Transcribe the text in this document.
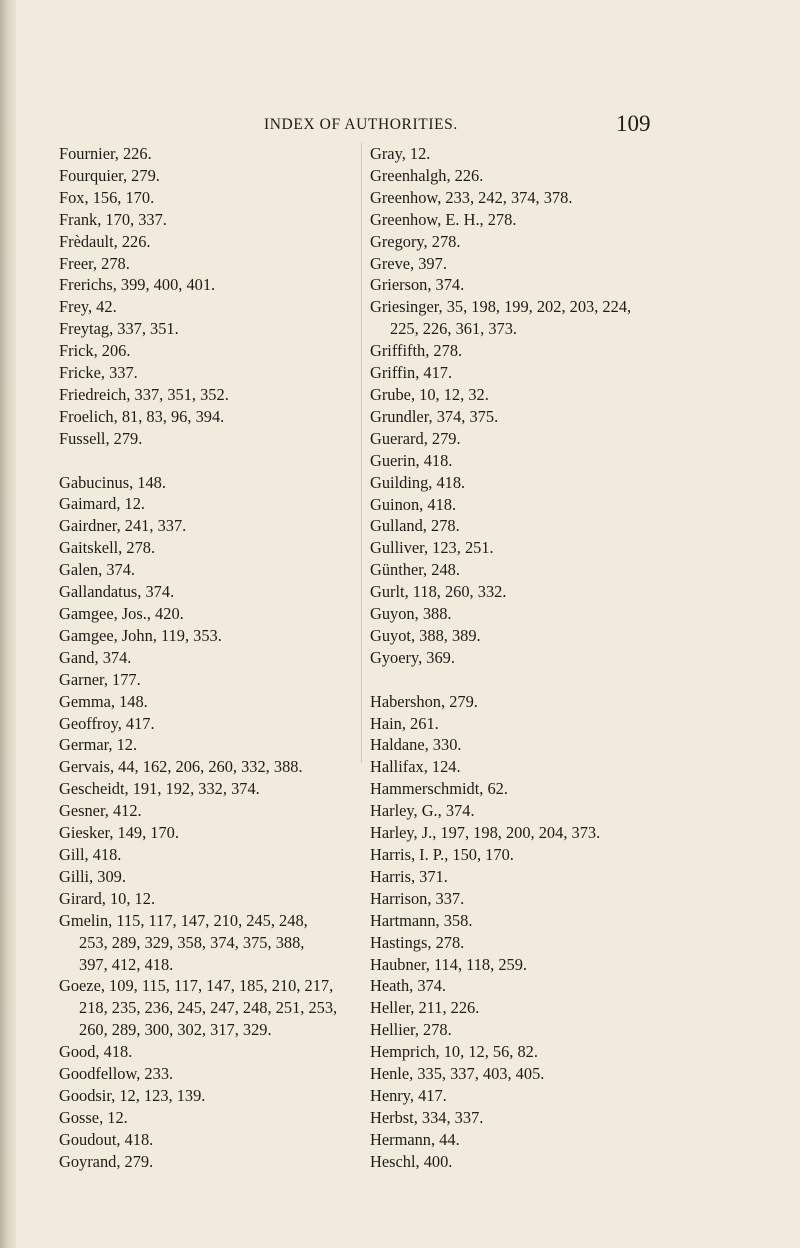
INDEX OF AUTHORITIES.	109
Fournier, 226.
Fourquier, 279.
Fox, 156, 170.
Frank, 170, 337.
Frèdault, 226.
Freer, 278.
Frerichs, 399, 400, 401.
Frey, 42.
Freytag, 337, 351.
Frick, 206.
Fricke, 337.
Friedreich, 337, 351, 352.
Froelich, 81, 83, 96, 394.
Fussell, 279.
Gabucinus, 148.
Gaimard, 12.
Gairdner, 241, 337.
Gaitskell, 278.
Galen, 374.
Gallandatus, 374.
Gamgee, Jos., 420.
Gamgee, John, 119, 353.
Gand, 374.
Garner, 177.
Gemma, 148.
Geoffroy, 417.
Germar, 12.
Gervais, 44, 162, 206, 260, 332, 388.
Gescheidt, 191, 192, 332, 374.
Gesner, 412.
Giesker, 149, 170.
Gill, 418.
Gilli, 309.
Girard, 10, 12.
Gmelin, 115, 117, 147, 210, 245, 248,
253, 289, 329, 358, 374, 375, 388,
397, 412, 418.
Goeze, 109, 115, 117, 147, 185, 210, 217,
218, 235, 236, 245, 247, 248, 251, 253,
260, 289, 300, 302, 317, 329.
Good, 418.
Goodfellow, 233.
Goodsir, 12, 123, 139.
Gosse, 12.
Goudout, 418.
Goyrand, 279.
Gray, 12.
Greenhalgh, 226.
Greenhow, 233, 242, 374, 378.
Greenhow, E. H., 278.
Gregory, 278.
Greve, 397.
Grierson, 374.
Griesinger, 35, 198, 199, 202, 203, 224,
225, 226, 361, 373.
Griffifth, 278.
Griffin, 417.
Grube, 10, 12, 32.
Grundler, 374, 375.
Guerard, 279.
Guerin, 418.
Guilding, 418.
Guinon, 418.
Gulland, 278.
Gulliver, 123, 251.
Günther, 248.
Gurlt, 118, 260, 332.
Guyon, 388.
Guyot, 388, 389.
Gyoery, 369.
Habershon, 279.
Hain, 261.
Haldane, 330.
Hallifax, 124.
Hammerschmidt, 62.
Harley, G., 374.
Harley, J., 197, 198, 200, 204, 373.
Harris, I. P., 150, 170.
Harris, 371.
Harrison, 337.
Hartmann, 358.
Hastings, 278.
Haubner, 114, 118, 259.
Heath, 374.
Heller, 211, 226.
Hellier, 278.
Hemprich, 10, 12, 56, 82.
Henle, 335, 337, 403, 405.
Henry, 417.
Herbst, 334, 337.
Hermann, 44.
Heschl, 400.
